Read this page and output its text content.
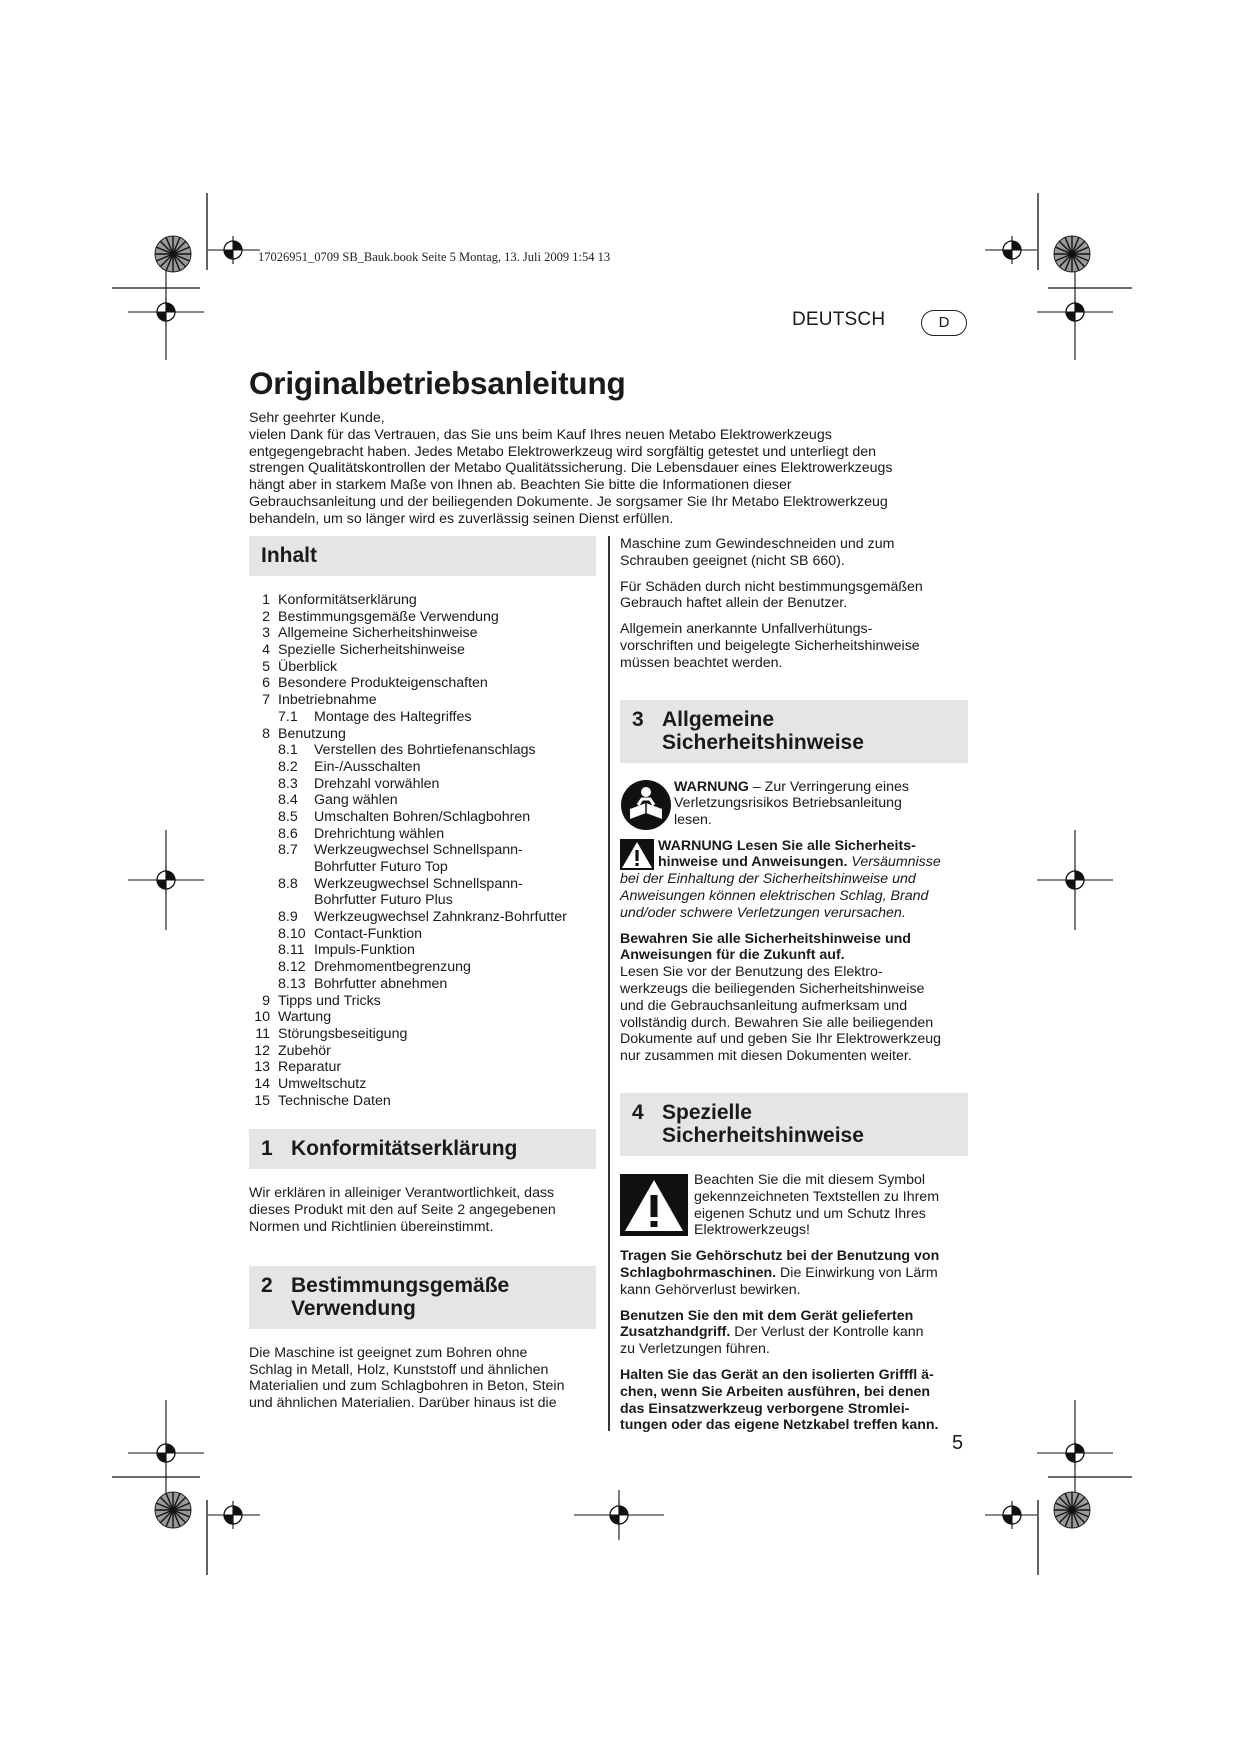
17026951_0709 SB_Bauk.book Seite 5 Montag, 13. Juli 2009 1:54 13
DEUTSCH	D
Originalbetriebsanleitung

Sehr geehrter Kunde,

vielen Dank für das Vertrauen, das Sie uns beim Kauf Ihres neuen Metabo Elektrowerkzeugs

entgegengebracht haben. Jedes Metabo Elektrowerkzeug wird sorgfältig getestet und unterliegt den

strengen Qualitätskontrollen der Metabo Qualitätssicherung. Die Lebensdauer eines Elektrowerkzeugs

hängt aber in starkem Maße von Ihnen ab. Beachten Sie bitte die Informationen dieser

Gebrauchsanleitung und der beiliegenden Dokumente. Je sorgsamer Sie Ihr Metabo Elektrowerkzeug

behandeln, um so länger wird es zuverlässig seinen Dienst erfüllen.

Inhalt
1 Konformitätserklärung
2 Bestimmungsgemäße Verwendung
3 Allgemeine Sicherheitshinweise
4 Spezielle Sicherheitshinweise
5 Überblick
6 Besondere Produkteigenschaften
7 Inbetriebnahme
7.1	Montage des Haltegriffes
8 Benutzung
8.1	Verstellen des Bohrtiefenanschlags
8.2	Ein-/Ausschalten
8.3	Drehzahl vorwählen
8.4	Gang wählen
8.5	Umschalten Bohren/Schlagbohren
8.6	Drehrichtung wählen
8.7	Werkzeugwechsel Schnellspann-
Bohrfutter Futuro Top
8.8	Werkzeugwechsel Schnellspann-
Bohrfutter Futuro Plus
8.9	Werkzeugwechsel Zahnkranz-Bohrfutter
8.10 Contact-Funktion
8.11 Impuls-Funktion
8.12 Drehmomentbegrenzung
8.13 Bohrfutter abnehmen
9 Tipps und Tricks
10 Wartung
11 Störungsbeseitigung
12 Zubehör
13 Reparatur
14 Umweltschutz
15 Technische Daten
1 Konformitätserklärung

Wir erklären in alleiniger Verantwortlichkeit, dass
dieses Produkt mit den auf Seite 2 angegebenen
Normen und Richtlinien übereinstimmt.

2 Bestimmungsgemäße
Verwendung

Die Maschine ist geeignet zum Bohren ohne
Schlag in Metall, Holz, Kunststoff und ähnlichen
Materialien und zum Schlagbohren in Beton, Stein
und ähnlichen Materialien. Darüber hinaus ist die

Maschine zum Gewindeschneiden und zum
Schrauben geeignet (nicht SB 660).

Für Schäden durch nicht bestimmungsgemäßen
Gebrauch haftet allein der Benutzer.

Allgemein anerkannte Unfallverhütungs-
vorschriften und beigelegte Sicherheitshinweise
müssen beachtet werden.

3 Allgemeine
Sicherheitshinweise
WARNUNG – Zur Verringerung eines
Verletzungsrisikos Betriebsanleitung
lesen.

WARNUNG Lesen Sie alle Sicherheits-
hinweise und Anweisungen. Versäumnisse
bei der Einhaltung der Sicherheitshinweise und
Anweisungen können elektrischen Schlag, Brand
und/oder schwere Verletzungen verursachen.

Bewahren Sie alle Sicherheitshinweise und
Anweisungen für die Zukunft auf.
Lesen Sie vor der Benutzung des Elektro-
werkzeugs die beiliegenden Sicherheitshinweise
und die Gebrauchsanleitung aufmerksam und
vollständig durch. Bewahren Sie alle beiliegenden
Dokumente auf und geben Sie Ihr Elektrowerkzeug
nur zusammen mit diesen Dokumenten weiter.

4 Spezielle
Sicherheitshinweise
Beachten Sie die mit diesem Symbol
gekennzeichneten Textstellen zu Ihrem
eigenen Schutz und um Schutz Ihres
Elektrowerkzeugs!

Tragen Sie Gehörschutz bei der Benutzung von
Schlagbohrmaschinen. Die Einwirkung von Lärm
kann Gehörverlust bewirken.

Benutzen Sie den mit dem Gerät gelieferten
Zusatzhandgriff. Der Verlust der Kontrolle kann
zu Verletzungen führen.

Halten Sie das Gerät an den isolierten Grifffl ä-
chen, wenn Sie Arbeiten ausführen, bei denen
das Einsatzwerkzeug verborgene Stromlei-
tungen oder das eigene Netzkabel treffen kann.

5
